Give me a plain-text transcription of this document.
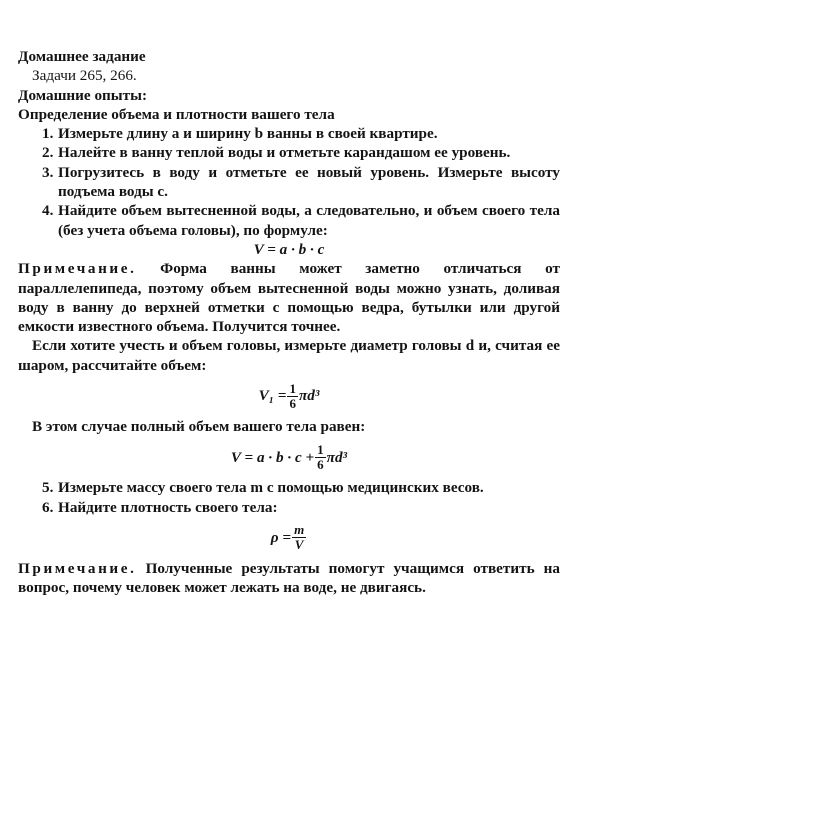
Домашнее задание

Задачи 265, 266.

Домашние опыты:

Определение объема и плотности вашего тела

1. Измерьте длину a и ширину b ванны в своей квартире.
2. Налейте в ванну теплой воды и отметьте карандашом ее уровень.
3. Погрузитесь в воду и отметьте ее новый уровень. Измерьте высоту подъема воды c.
4. Найдите объем вытесненной воды, а следовательно, и объем своего тела (без учета объема головы), по формуле:

V = a · b · c

Примечание. Форма ванны может заметно отличаться от параллелепипеда, поэтому объем вытесненной воды можно узнать, доливая воду в ванну до верхней отметки с помощью ведра, бутылки или другой емкости известного объема. Получится точнее.

Если хотите учесть и объем головы, измерьте диаметр головы d и, считая ее шаром, рассчитайте объем:

$V_1 = \frac{1}{6} \pi d^3$

В этом случае полный объем вашего тела равен:

$V = a \cdot b \cdot c + \frac{1}{6} \pi d^3$
5. Измерьте массу своего тела m с помощью медицинских весов.
6. Найдите плотность своего тела:
$\rho = \frac{m}{V}$

Примечание. Полученные результаты помогут учащимся ответить на вопрос, почему человек может лежать на воде, не двигаясь.
